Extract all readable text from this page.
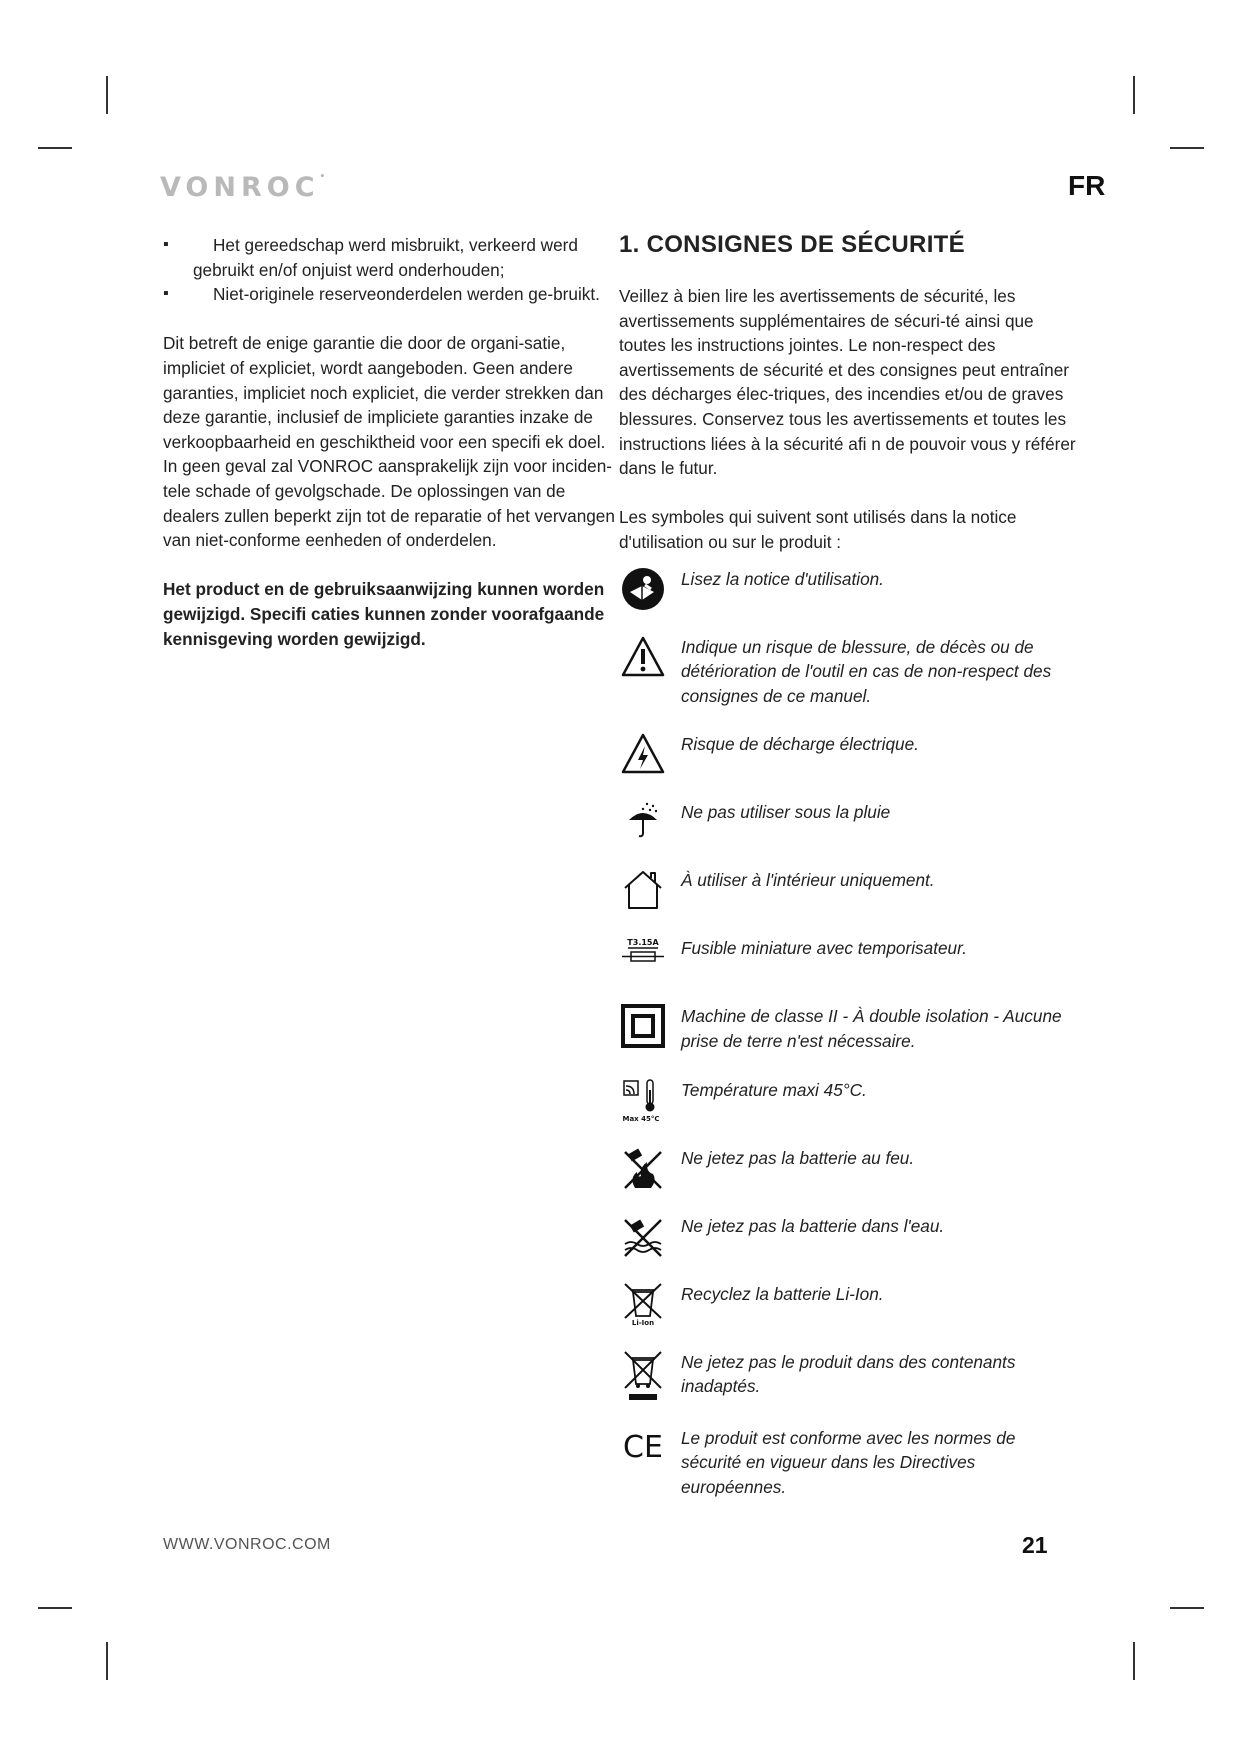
VONROC•	FR

▪	Het gereedschap werd misbruikt, verkeerd werd gebruikt en/of onjuist werd onderhouden;

▪	Niet-originele reserveonderdelen werden ge-bruikt.

Dit betreft de enige garantie die door de organi-satie, impliciet of expliciet, wordt aangeboden. Geen andere garanties, impliciet noch expliciet, die verder strekken dan deze garantie, inclusief de impliciete garanties inzake de verkoopbaarheid en geschiktheid voor een specifi ek doel. In geen geval zal VONROC aansprakelijk zijn voor inciden-tele schade of gevolgschade. De oplossingen van de dealers zullen beperkt zijn tot de reparatie of het vervangen van niet-conforme eenheden of onderdelen.

Het product en de gebruiksaanwijzing kunnen worden gewijzigd. Specifi caties kunnen zonder voorafgaande kennisgeving worden gewijzigd.

1. CONSIGNES DE SÉCURITÉ

Veillez à bien lire les avertissements de sécurité, les avertissements supplémentaires de sécuri-té ainsi que toutes les instructions jointes. Le non-respect des avertissements de sécurité et des consignes peut entraîner des décharges élec-triques, des incendies et/ou de graves blessures. Conservez tous les avertissements et toutes les instructions liées à la sécurité afi n de pouvoir vous y référer dans le futur.

Les symboles qui suivent sont utilisés dans la notice d'utilisation ou sur le produit :

Lisez la notice d'utilisation.
Indique un risque de blessure, de décès ou de détérioration de l'outil en cas de non-respect des consignes de ce manuel.
Risque de décharge électrique.
Ne pas utiliser sous la pluie
À utiliser à l'intérieur uniquement.
T3.15A Fusible miniature avec temporisateur.
Machine de classe II - À double isolation - Aucune prise de terre n'est nécessaire.
Max 45°C
Température maxi 45°C.
Ne jetez pas la batterie au feu.
Ne jetez pas la batterie dans l'eau.
Li-Ion
Recyclez la batterie Li-Ion.
Ne jetez pas le produit dans des contenants inadaptés.
CE Le produit est conforme avec les normes de sécurité en vigueur dans les Directives européennes.
WWW.VONROC.COM	21
